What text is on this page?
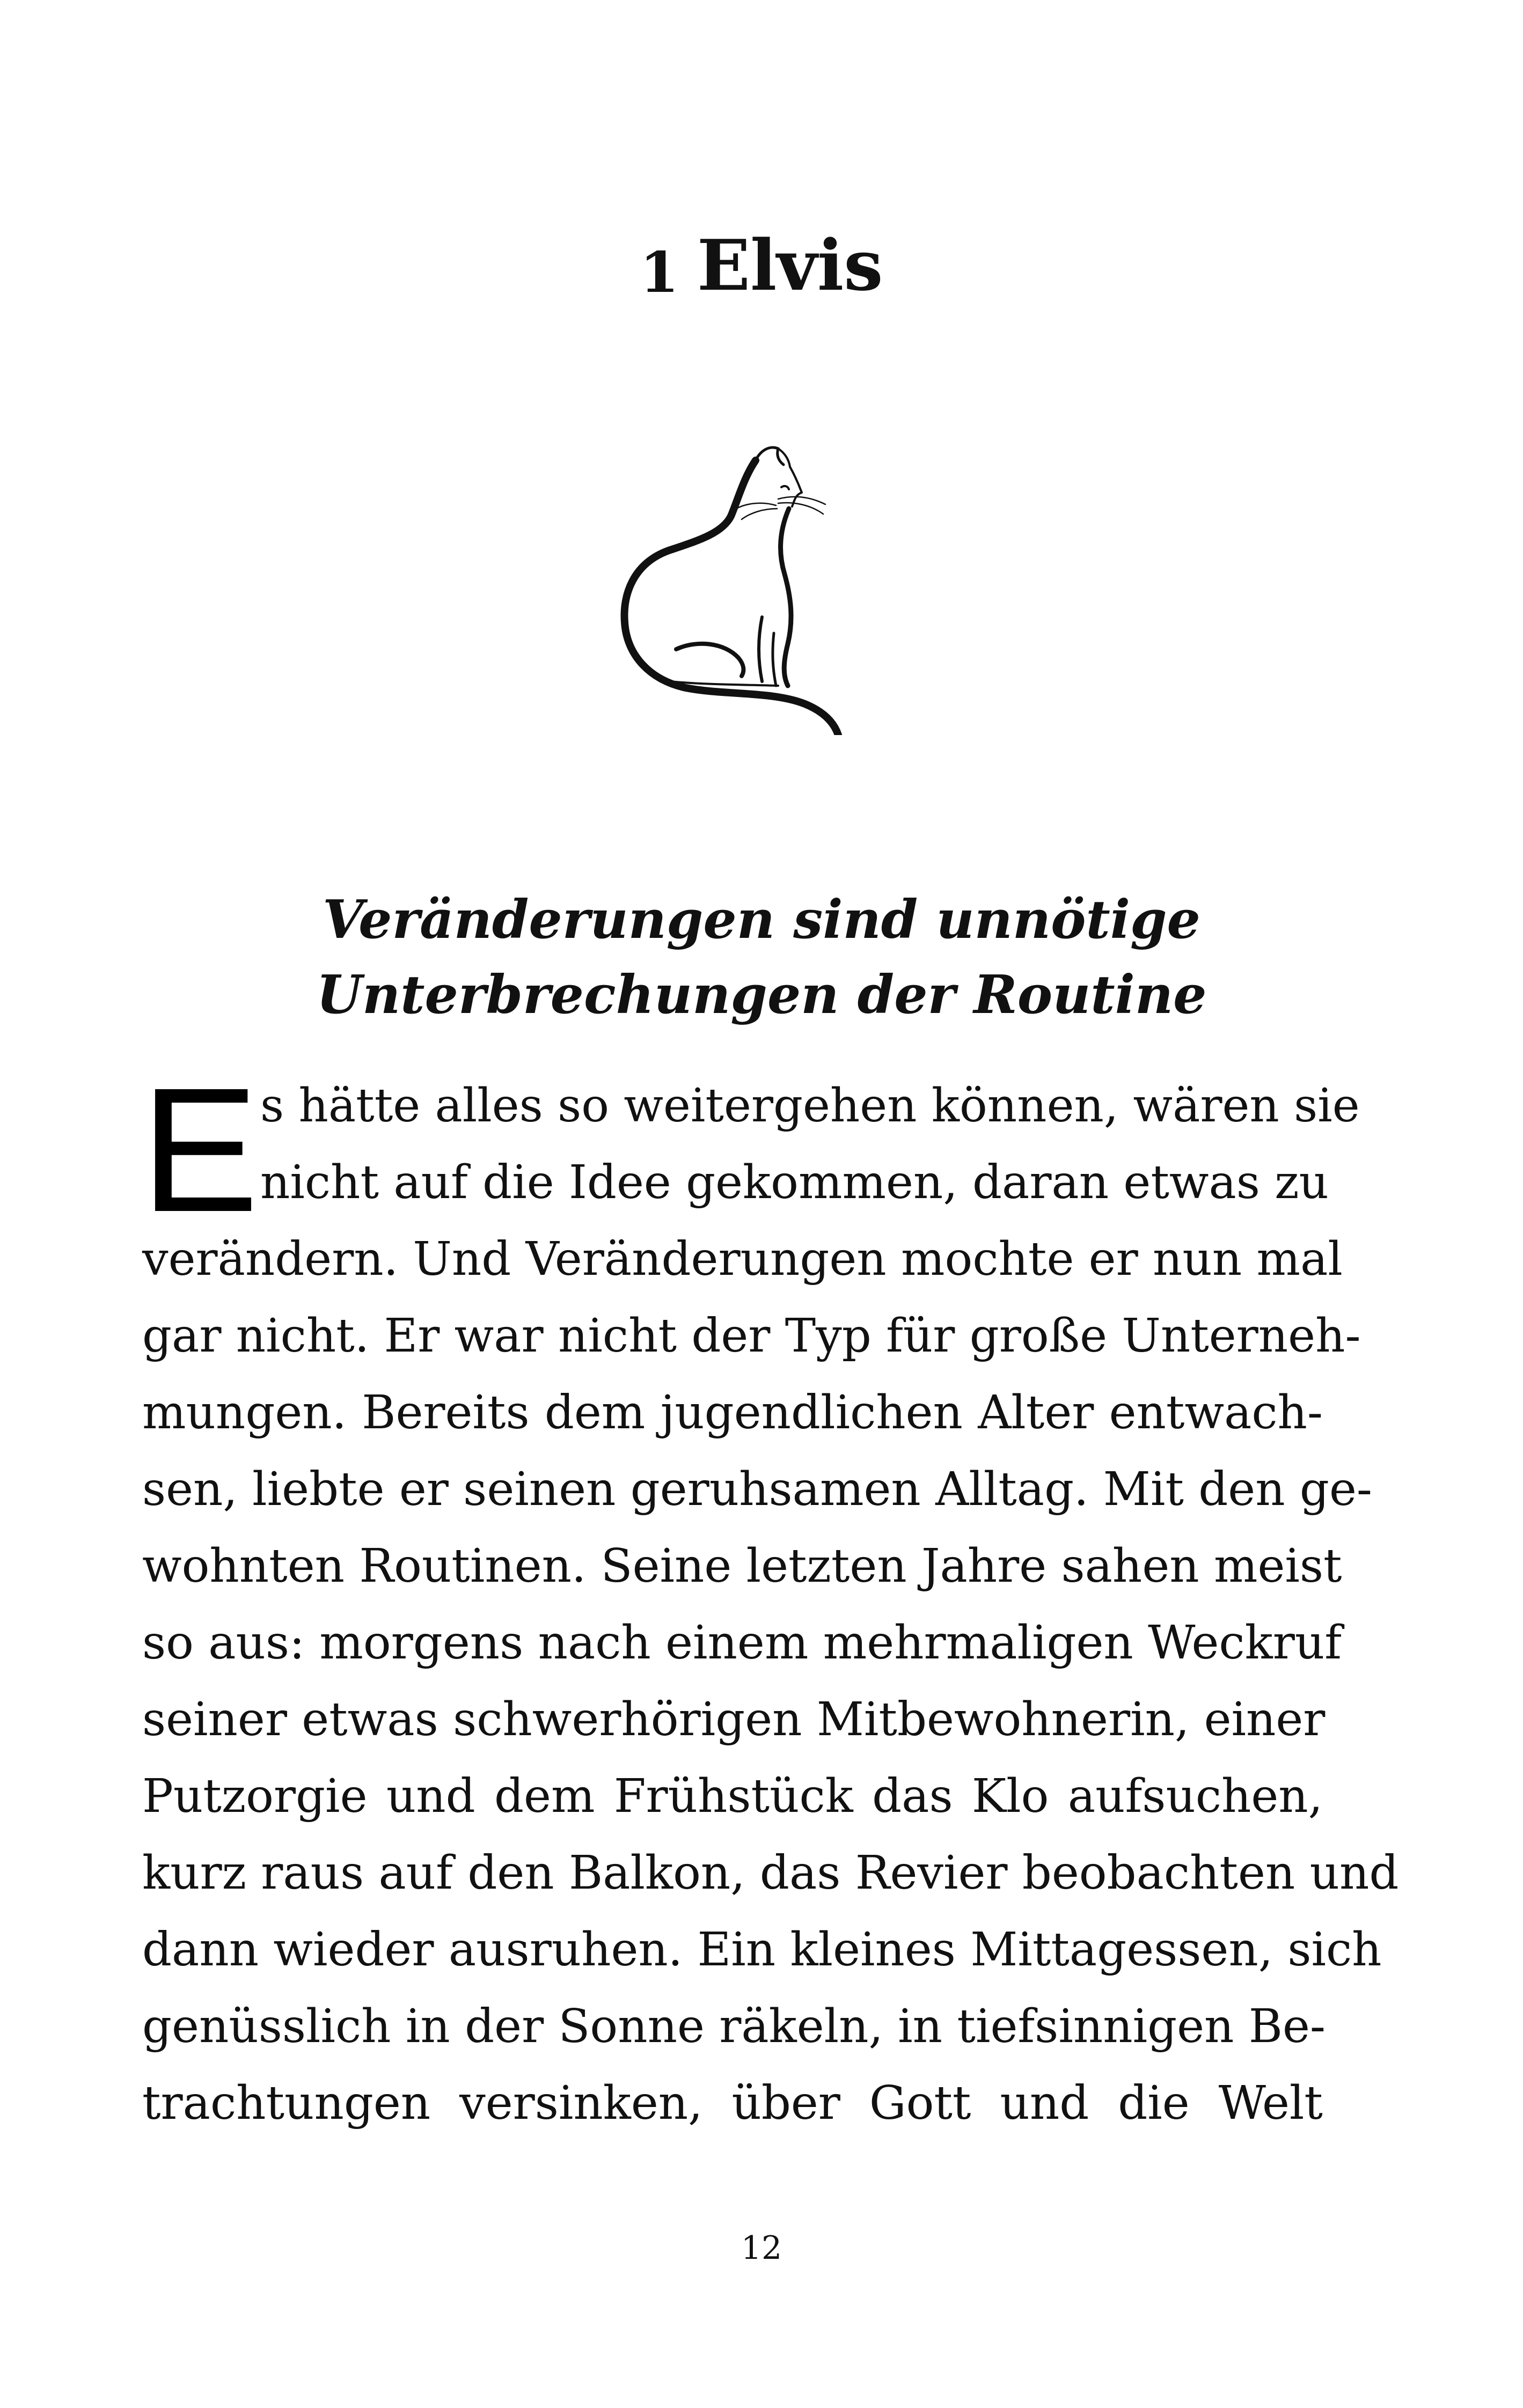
1 Elvis
Veränderungen sind unnötige
Unterbrechungen der Routine
E s hätte alles so weitergehen können, wären sie
nicht auf die Idee gekommen, daran etwas zu
verändern. Und Veränderungen mochte er nun mal
gar nicht. Er war nicht der Typ für große Unterneh-
mungen. Bereits dem jugendlichen Alter entwach-
sen, liebte er seinen geruhsamen Alltag. Mit den ge-
wohnten Routinen. Seine letzten Jahre sahen meist
so aus: morgens nach einem mehrmaligen Weckruf
seiner etwas schwerhörigen Mitbewohnerin, einer
Putzorgie und dem Frühstück das Klo aufsuchen,
kurz raus auf den Balkon, das Revier beobachten und
dann wieder ausruhen. Ein kleines Mittagessen, sich
genüsslich in der Sonne räkeln, in tiefsinnigen Be-
trachtungen versinken, über Gott und die Welt
12
